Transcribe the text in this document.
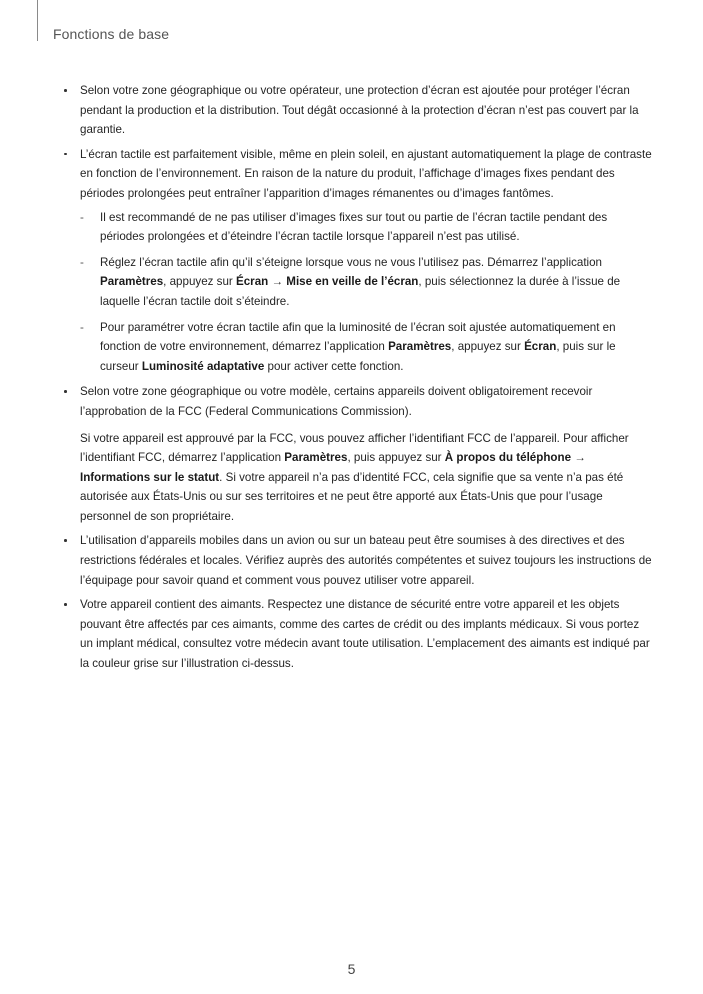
Fonctions de base

Selon votre zone géographique ou votre opérateur, une protection d’écran est ajoutée pour protéger l’écran pendant la production et la distribution. Tout dégât occasionné à la protection d’écran n’est pas couvert par la garantie.

L’écran tactile est parfaitement visible, même en plein soleil, en ajustant automatiquement la plage de contraste en fonction de l’environnement. En raison de la nature du produit, l’affichage d’images fixes pendant des périodes prolongées peut entraîner l’apparition d’images rémanentes ou d’images fantômes.

- Il est recommandé de ne pas utiliser d’images fixes sur tout ou partie de l’écran tactile pendant des périodes prolongées et d’éteindre l’écran tactile lorsque l’appareil n’est pas utilisé.
- Réglez l’écran tactile afin qu’il s’éteigne lorsque vous ne vous l’utilisez pas. Démarrez l’application Paramètres, appuyez sur Écran → Mise en veille de l’écran, puis sélectionnez la durée à l’issue de laquelle l’écran tactile doit s’éteindre.
- Pour paramétrer votre écran tactile afin que la luminosité de l’écran soit ajustée automatiquement en fonction de votre environnement, démarrez l’application Paramètres, appuyez sur Écran, puis sur le curseur Luminosité adaptative pour activer cette fonction.

Selon votre zone géographique ou votre modèle, certains appareils doivent obligatoirement recevoir l’approbation de la FCC (Federal Communications Commission).

Si votre appareil est approuvé par la FCC, vous pouvez afficher l’identifiant FCC de l’appareil. Pour afficher l’identifiant FCC, démarrez l’application Paramètres, puis appuyez sur À propos du téléphone → Informations sur le statut. Si votre appareil n’a pas d’identité FCC, cela signifie que sa vente n’a pas été autorisée aux États-Unis ou sur ses territoires et ne peut être apporté aux États-Unis que pour l’usage personnel de son propriétaire.

L’utilisation d’appareils mobiles dans un avion ou sur un bateau peut être soumises à des directives et des restrictions fédérales et locales. Vérifiez auprès des autorités compétentes et suivez toujours les instructions de l’équipage pour savoir quand et comment vous pouvez utiliser votre appareil.

Votre appareil contient des aimants. Respectez une distance de sécurité entre votre appareil et les objets pouvant être affectés par ces aimants, comme des cartes de crédit ou des implants médicaux. Si vous portez un implant médical, consultez votre médecin avant toute utilisation. L’emplacement des aimants est indiqué par la couleur grise sur l’illustration ci-dessus.

5
